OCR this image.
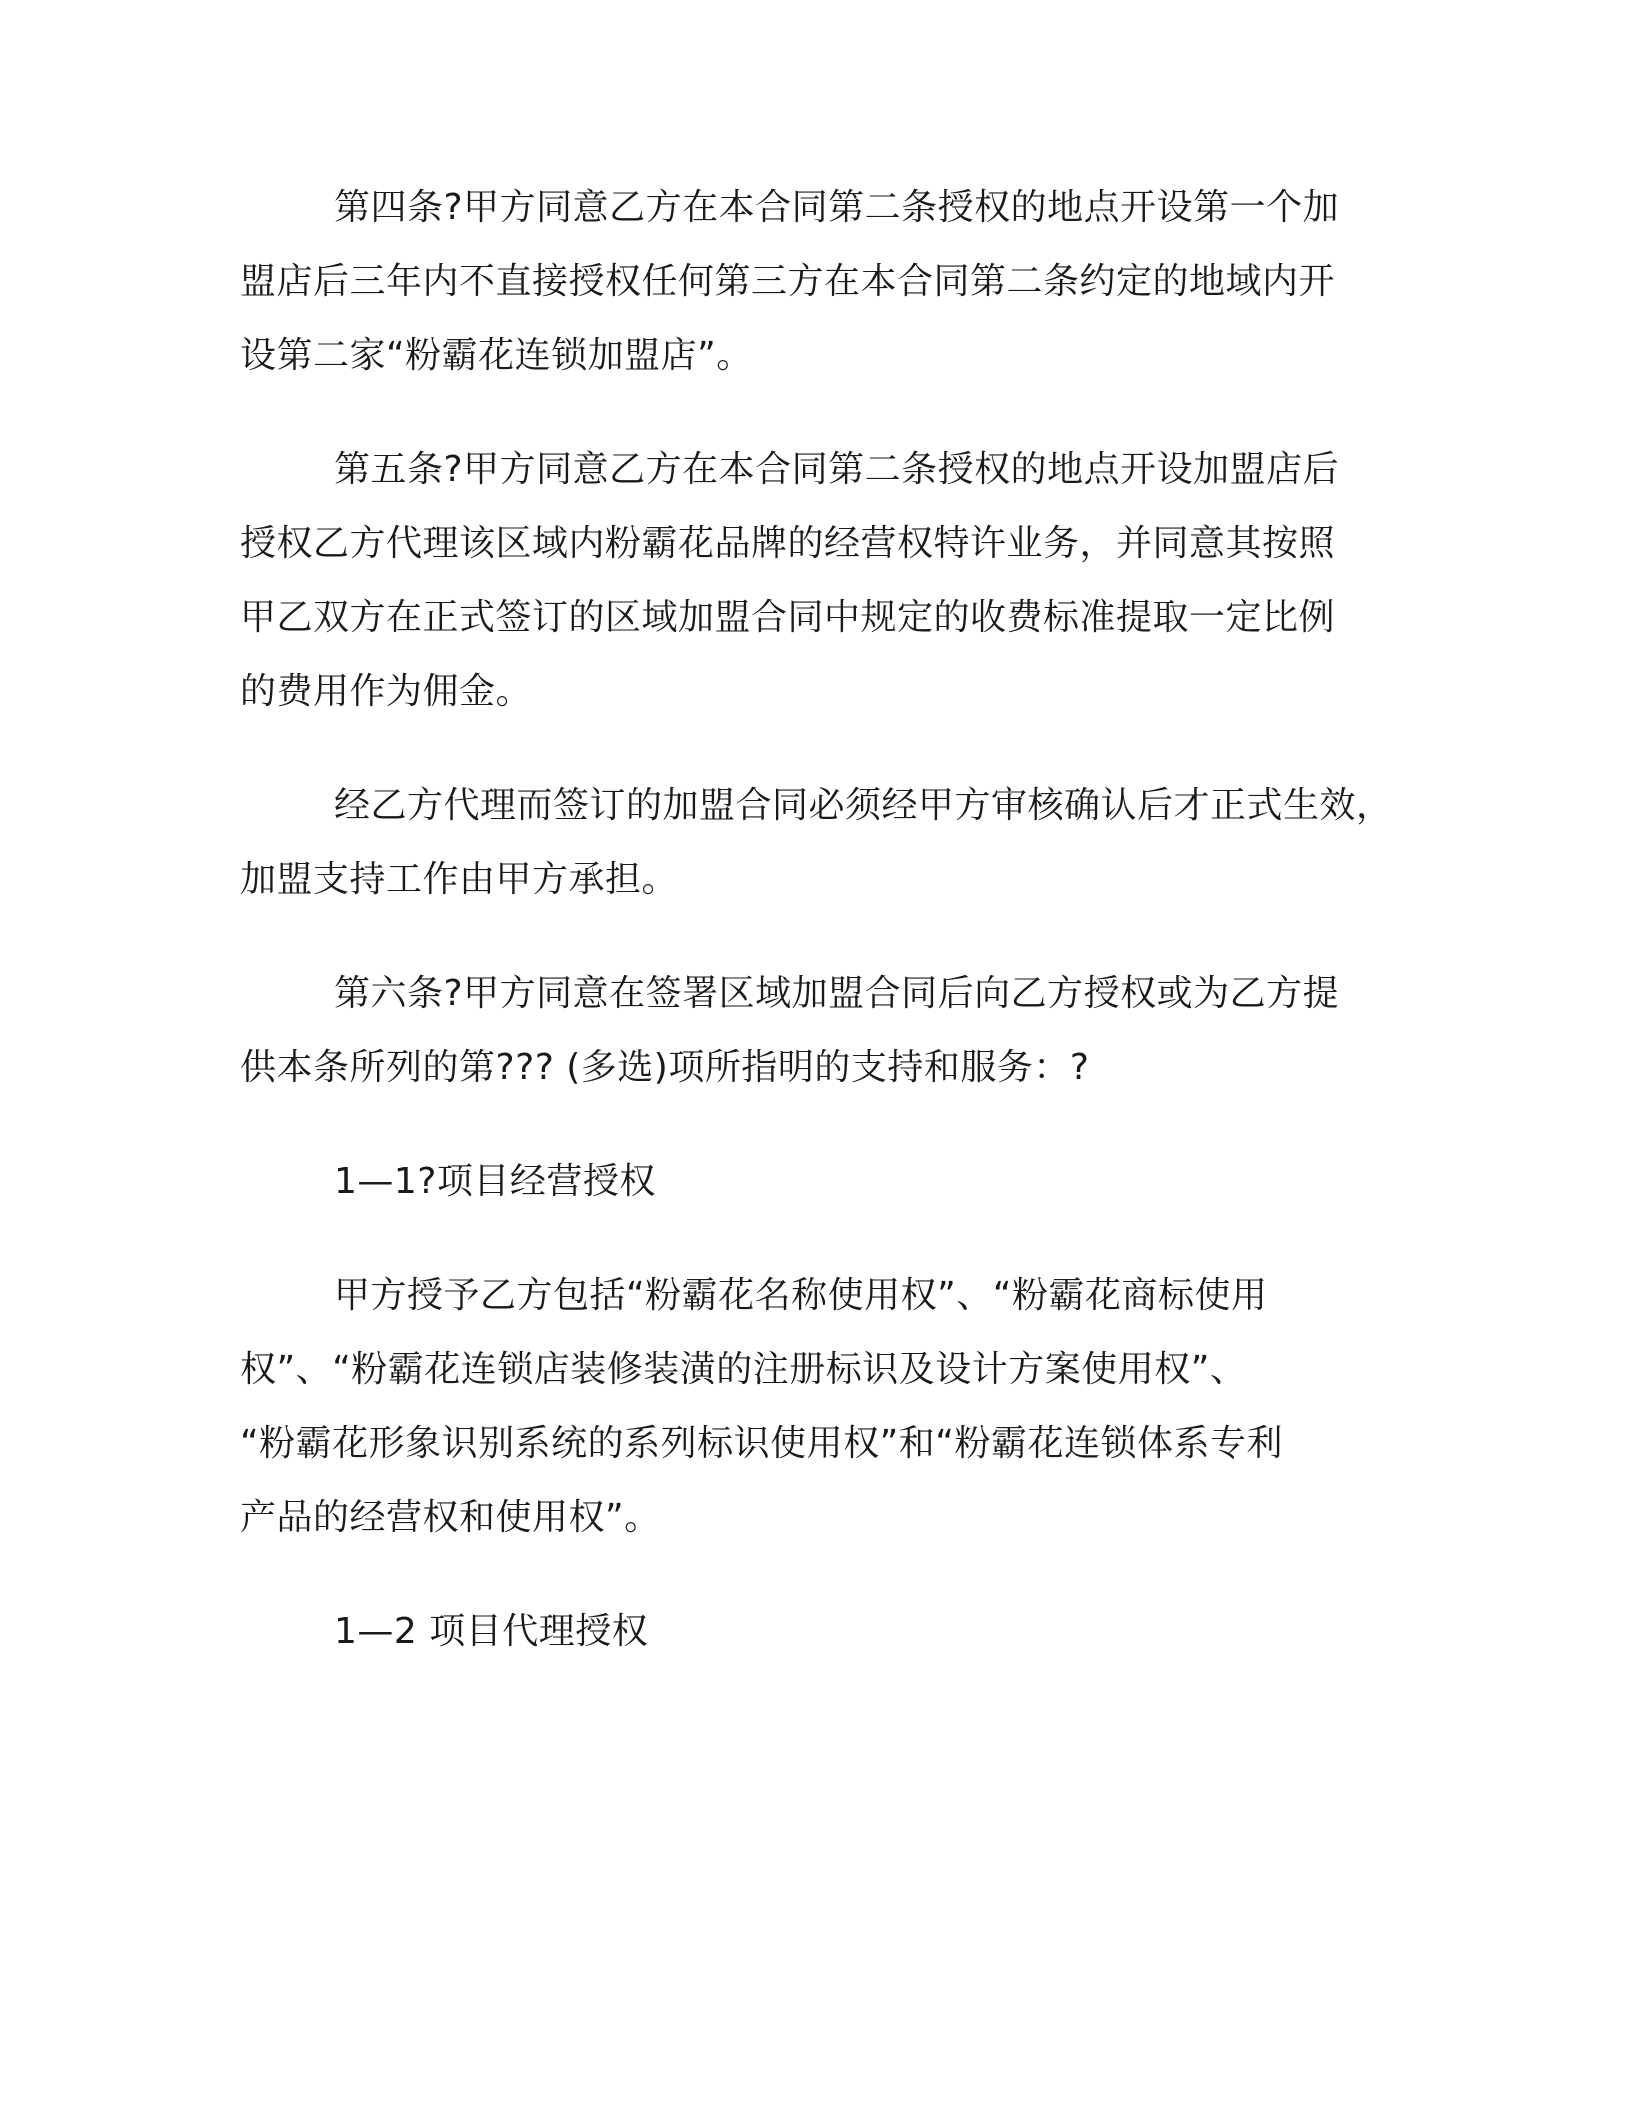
第四条?甲方同意乙方在本合同第二条授权的地点开设第一个加
盟店后三年内不直接授权任何第三方在本合同第二条约定的地域内开
设第二家“粉霸花连锁加盟店”。
第五条?甲方同意乙方在本合同第二条授权的地点开设加盟店后
授权乙方代理该区域内粉霸花品牌的经营权特许业务，并同意其按照
甲乙双方在正式签订的区域加盟合同中规定的收费标准提取一定比例
的费用作为佣金。
经乙方代理而签订的加盟合同必须经甲方审核确认后才正式生效，
加盟支持工作由甲方承担。
第六条?甲方同意在签署区域加盟合同后向乙方授权或为乙方提
供本条所列的第??? (多选)项所指明的支持和服务：?
1—1?项目经营授权
甲方授予乙方包括“粉霸花名称使用权”、“粉霸花商标使用
权”、“粉霸花连锁店装修装潢的注册标识及设计方案使用权”、
“粉霸花形象识别系统的系列标识使用权”和“粉霸花连锁体系专利
产品的经营权和使用权”。
1—2 项目代理授权
